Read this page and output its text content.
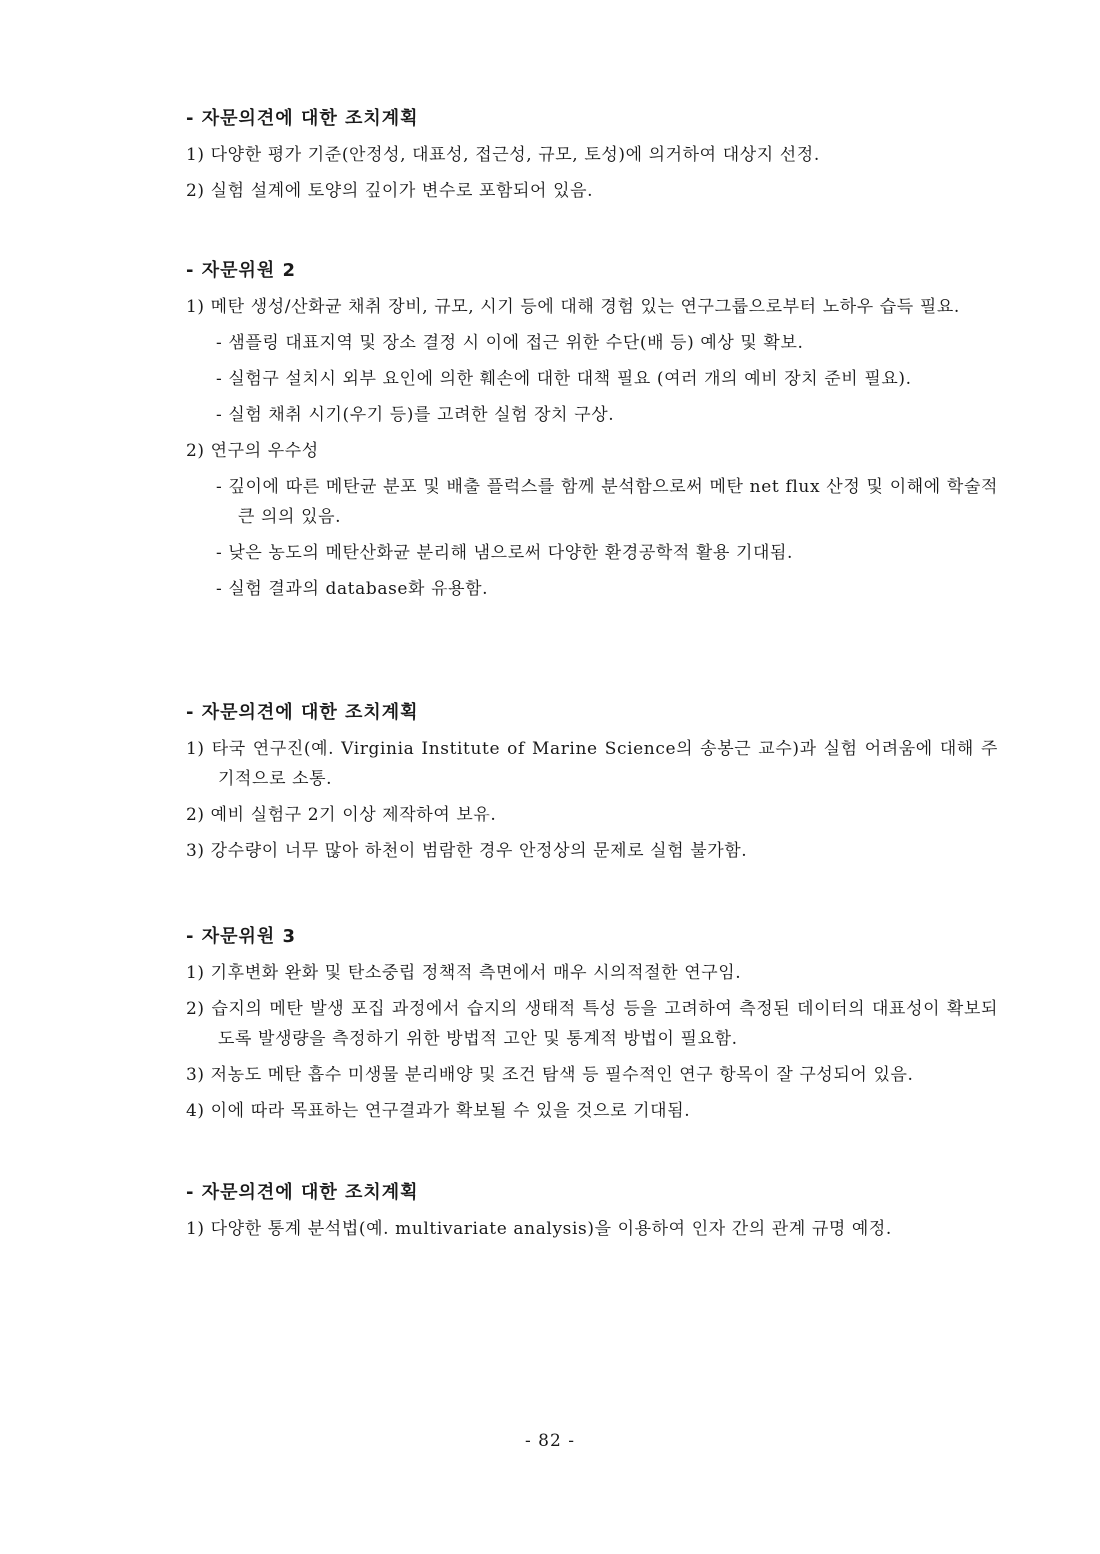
- 자문의견에 대한 조치계획
1) 다양한 평가 기준(안정성, 대표성, 접근성, 규모, 토성)에 의거하여 대상지 선정.
2) 실험 설계에 토양의 깊이가 변수로 포함되어 있음.
- 자문위원 2
1) 메탄 생성/산화균 채취 장비, 규모, 시기 등에 대해 경험 있는 연구그룹으로부터 노하우 습득 필요.
- 샘플링 대표지역 및 장소 결정 시 이에 접근 위한 수단(배 등) 예상 및 확보.
- 실험구 설치시 외부 요인에 의한 훼손에 대한 대책 필요 (여러 개의 예비 장치 준비 필요).
- 실험 채취 시기(우기 등)를 고려한 실험 장치 구상.
2) 연구의 우수성
- 깊이에 따른 메탄균 분포 및 배출 플럭스를 함께 분석함으로써 메탄 net flux 산정 및 이해에 학술적 큰 의의 있음.
- 낮은 농도의 메탄산화균 분리해 냄으로써 다양한 환경공학적 활용 기대됨.
- 실험 결과의 database화 유용함.
- 자문의견에 대한 조치계획
1) 타국 연구진(예. Virginia Institute of Marine Science의 송봉근 교수)과 실험 어려움에 대해 주기적으로 소통.
2) 예비 실험구 2기 이상 제작하여 보유.
3) 강수량이 너무 많아 하천이 범람한 경우 안정상의 문제로 실험 불가함.
- 자문위원 3
1) 기후변화 완화 및 탄소중립 정책적 측면에서 매우 시의적절한 연구임.
2) 습지의 메탄 발생 포집 과정에서 습지의 생태적 특성 등을 고려하여 측정된 데이터의 대표성이 확보되도록 발생량을 측정하기 위한 방법적 고안 및 통계적 방법이 필요함.
3) 저농도 메탄 흡수 미생물 분리배양 및 조건 탐색 등 필수적인 연구 항목이 잘 구성되어 있음.
4) 이에 따라 목표하는 연구결과가 확보될 수 있을 것으로 기대됨.
- 자문의견에 대한 조치계획
1) 다양한 통계 분석법(예. multivariate analysis)을 이용하여 인자 간의 관계 규명 예정.
- 82 -
